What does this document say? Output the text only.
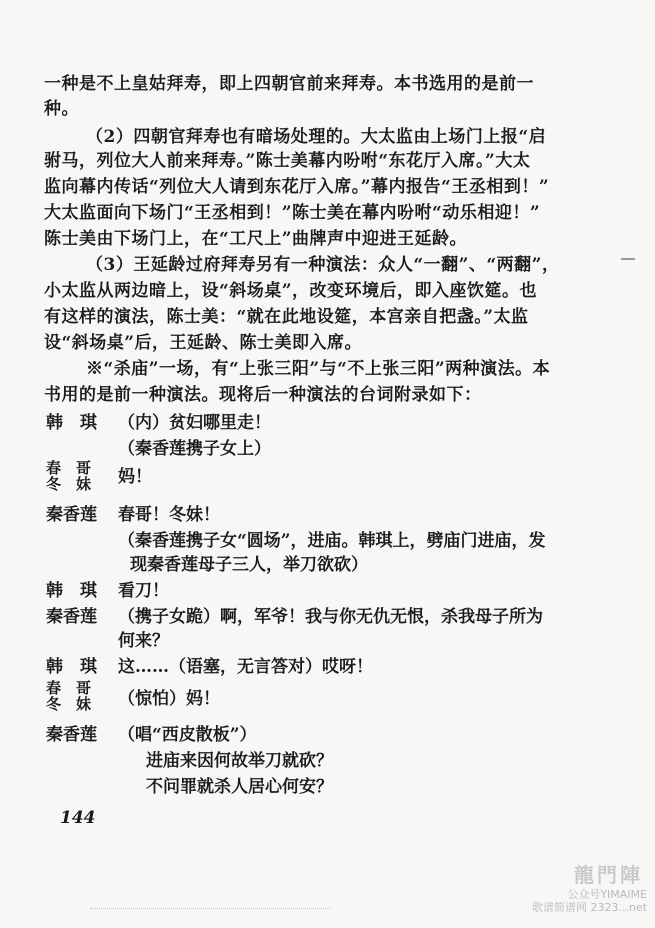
一种是不上皇姑拜寿，即上四朝官前来拜寿。本书选用的是前一
种。
（2）四朝官拜寿也有暗场处理的。大太监由上场门上报“启
驸马，列位大人前来拜寿。”陈士美幕内吩咐“东花厅入席。”大太
监向幕内传话“列位大人请到东花厅入席。”幕内报告“王丞相到！”
大太监面向下场门“王丞相到！”陈士美在幕内吩咐“动乐相迎！”
陈士美由下场门上，在“工尺上”曲牌声中迎进王延龄。
（3）王延龄过府拜寿另有一种演法：众人“一翻”、“两翻”，
小太监从两边暗上，设“斜场桌”，改变环境后，即入座饮筵。也
有这样的演法，陈士美：“就在此地设筵，本宫亲自把盏。”太监
设“斜场桌”后，王延龄、陈士美即入席。
※“杀庙”一场，有“上张三阳”与“不上张三阳”两种演法。本
书用的是前一种演法。现将后一种演法的台词附录如下：
韩　琪 （内）贫妇哪里走！
（秦香莲携子女上）
春　哥
冬　妹 妈！
秦香莲 春哥！冬妹！
（秦香莲携子女“圆场”，进庙。韩琪上，劈庙门进庙，发
现秦香莲母子三人，举刀欲砍）
韩　琪 看刀！
秦香莲 （携子女跪）啊，军爷！我与你无仇无恨，杀我母子所为
何来？
韩　琪 这……（语塞，无言答对）哎呀！
春　哥
冬　妹 （惊怕）妈！
秦香莲 （唱“西皮散板”）
进庙来因何故举刀就砍？
不问罪就杀人居心何安？
144
龍門陣
公众号YIMAIME
歌谱简谱网 2323...net
